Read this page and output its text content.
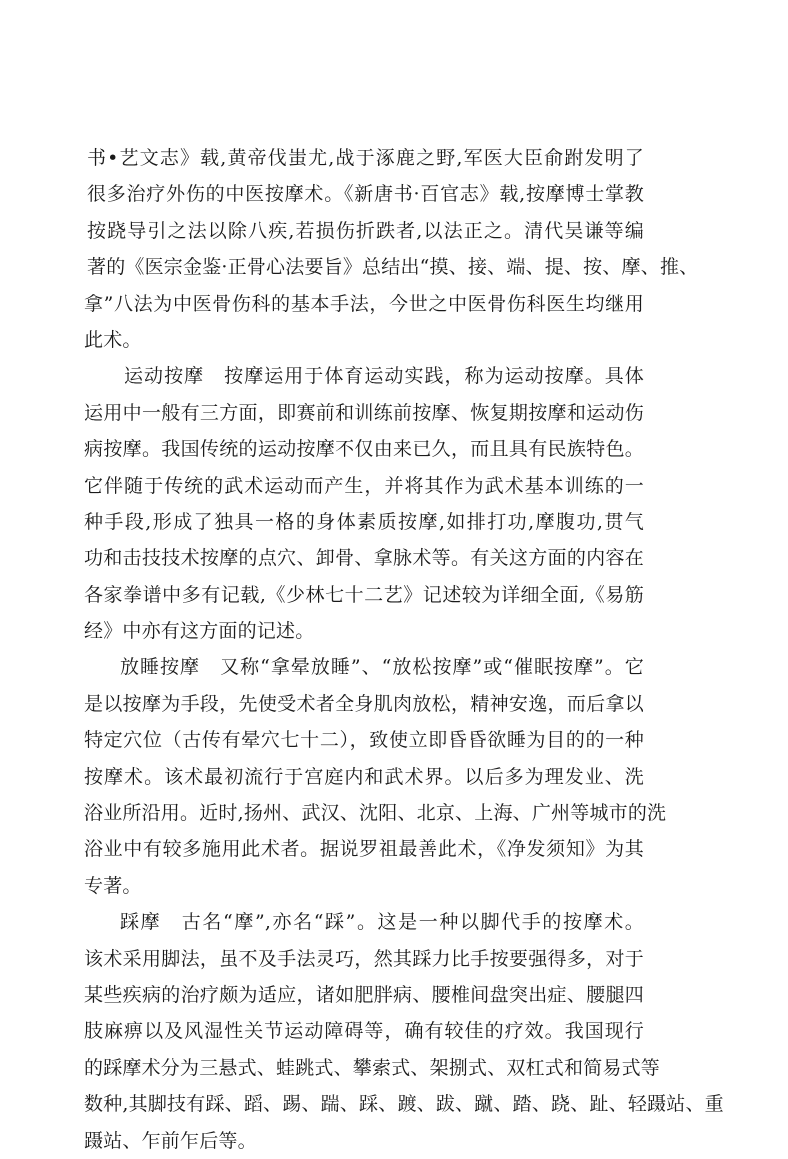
书•艺文志》载,黄帝伐蚩尤,战于涿鹿之野,军医大臣俞跗发明了
很多治疗外伤的中医按摩术。《新唐书·百官志》载,按摩博士掌教
按跷导引之法以除八疾,若损伤折跌者,以法正之。清代吴谦等编
著的《医宗金鉴·正骨心法要旨》总结出“摸、接、端、提、按、摩、推、
拿”八法为中医骨伤科的基本手法，今世之中医骨伤科医生均继用
此术。
运动按摩　按摩运用于体育运动实践，称为运动按摩。具体
运用中一般有三方面，即赛前和训练前按摩、恢复期按摩和运动伤
病按摩。我国传统的运动按摩不仅由来已久，而且具有民族特色。
它伴随于传统的武术运动而产生，并将其作为武术基本训练的一
种手段,形成了独具一格的身体素质按摩,如排打功,摩腹功,贯气
功和击技技术按摩的点穴、卸骨、拿脉术等。有关这方面的内容在
各家拳谱中多有记载,《少林七十二艺》记述较为详细全面,《易筋
经》中亦有这方面的记述。
放睡按摩　又称“拿晕放睡”、“放松按摩”或“催眠按摩”。它
是以按摩为手段，先使受术者全身肌肉放松，精神安逸，而后拿以
特定穴位（古传有晕穴七十二），致使立即昏昏欲睡为目的的一种
按摩术。该术最初流行于宫庭内和武术界。以后多为理发业、洗
浴业所沿用。近时,扬州、武汉、沈阳、北京、上海、广州等城市的洗
浴业中有较多施用此术者。据说罗祖最善此术，《净发须知》为其
专著。
踩摩　古名“摩”,亦名“踩”。这是一种以脚代手的按摩术。
该术采用脚法，虽不及手法灵巧，然其踩力比手按要强得多，对于
某些疾病的治疗颇为适应，诸如肥胖病、腰椎间盘突出症、腰腿四
肢麻痹以及风湿性关节运动障碍等，确有较佳的疗效。我国现行
的踩摩术分为三悬式、蛙跳式、攀索式、架捌式、双杠式和简易式等
数种,其脚技有踩、蹈、踢、踹、踩、踱、跋、蹴、踏、跷、趾、轻蹑站、重
蹑站、乍前乍后等。
